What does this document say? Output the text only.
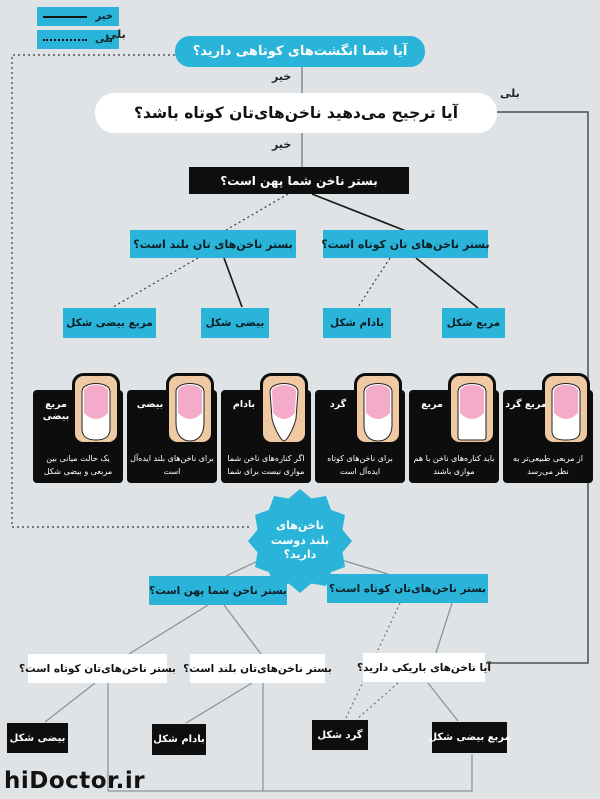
خیر
بلی
بلی
خیر
بلی
خیر
آیا شما انگشت‌های کوتاهی دارید؟
آیا ترجیح می‌دهید ناخن‌های‌تان کوتاه باشد؟
بستر ناخن شما پهن است؟
بستر ناخن‌های تان بلند است؟	بستر ناخن‌های تان کوتاه است؟
مربع بیضی شکل	بیضی شکل	بادام شکل	مربع شکل
مربع بیضی
یک حالت میانی بین مربعی و بیضی شکل
بیضی
برای ناخن‌های بلند ایده‌آل است
بادام
اگر کناره‌های ناخن شما موازی نیست برای شما
گرد
برای ناخن‌های کوتاه ایده‌آل است
مربع
باید کناره‌های ناخن با هم موازی باشند
مربع گرد
از مربعی طبیعی‌تر به نظر می‌رسد
ناخن‌های
بلند دوست
دارید؟
بستر ناخن شما پهن است؟	بستر ناخن‌های‌تان کوتاه است؟
بستر ناخن‌های‌تان کوتاه است؟ بستر ناخن‌های‌تان بلند است؟ آیا ناخن‌های باریکی دارید؟
بیضی شکل	بادام شکل	گرد شکل	مربع بیضی شکل
hiDoctor.ir
